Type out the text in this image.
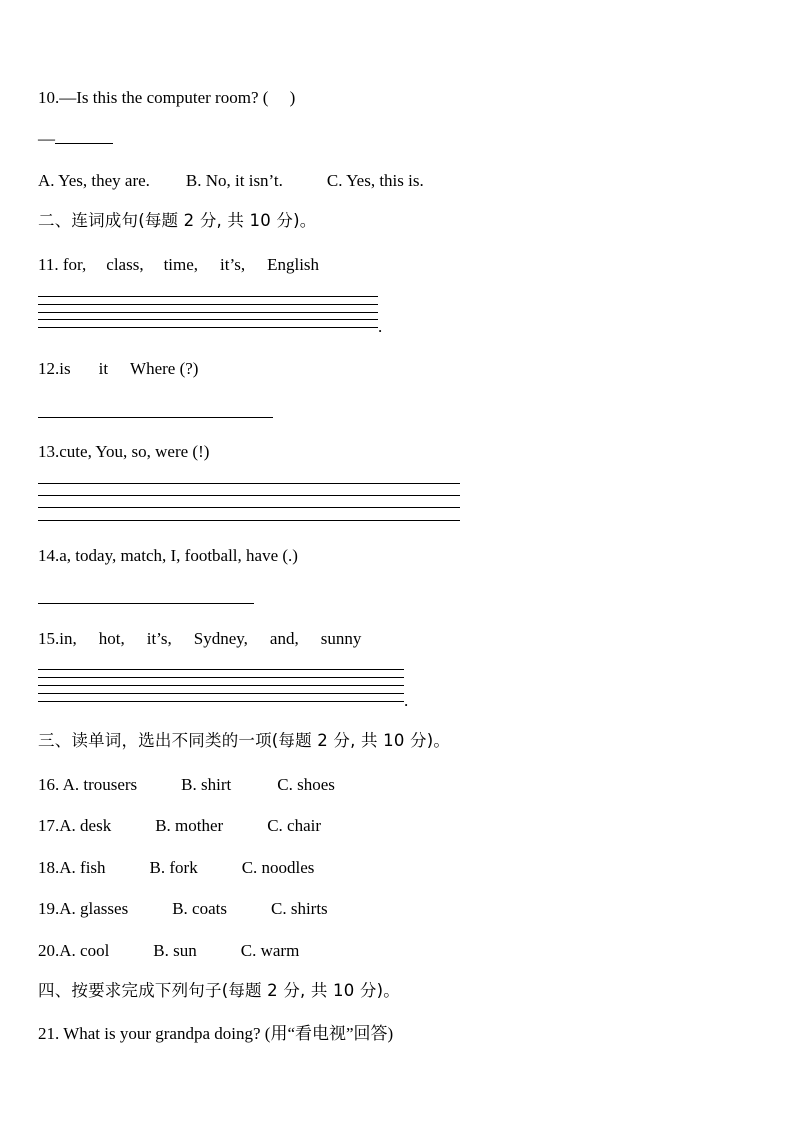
10.—Is this the computer room? (     )
—
A. Yes, they are. B. No, it isn’t.	C. Yes, this is.
二、连词成句(每题 2 分, 共 10 分)。
11. for, class, time, it’s, English
.
12.is it Where (?)
13.cute, You, so, were (!)
14.a, today, match, I, football, have (.)
15.in, hot, it’s, Sydney, and, sunny
.
三、读单词，选出不同类的一项(每题 2 分, 共 10 分)。
16. A. trousers	B. shirt	C. shoes
17.A. desk	B. mother	C. chair
18.A. fish	B. fork	C. noodles
19.A. glasses	B. coats	C. shirts
20.A. cool	B. sun	C. warm
四、按要求完成下列句子(每题 2 分, 共 10 分)。
21. What is your grandpa doing? (用“看电视”回答)
